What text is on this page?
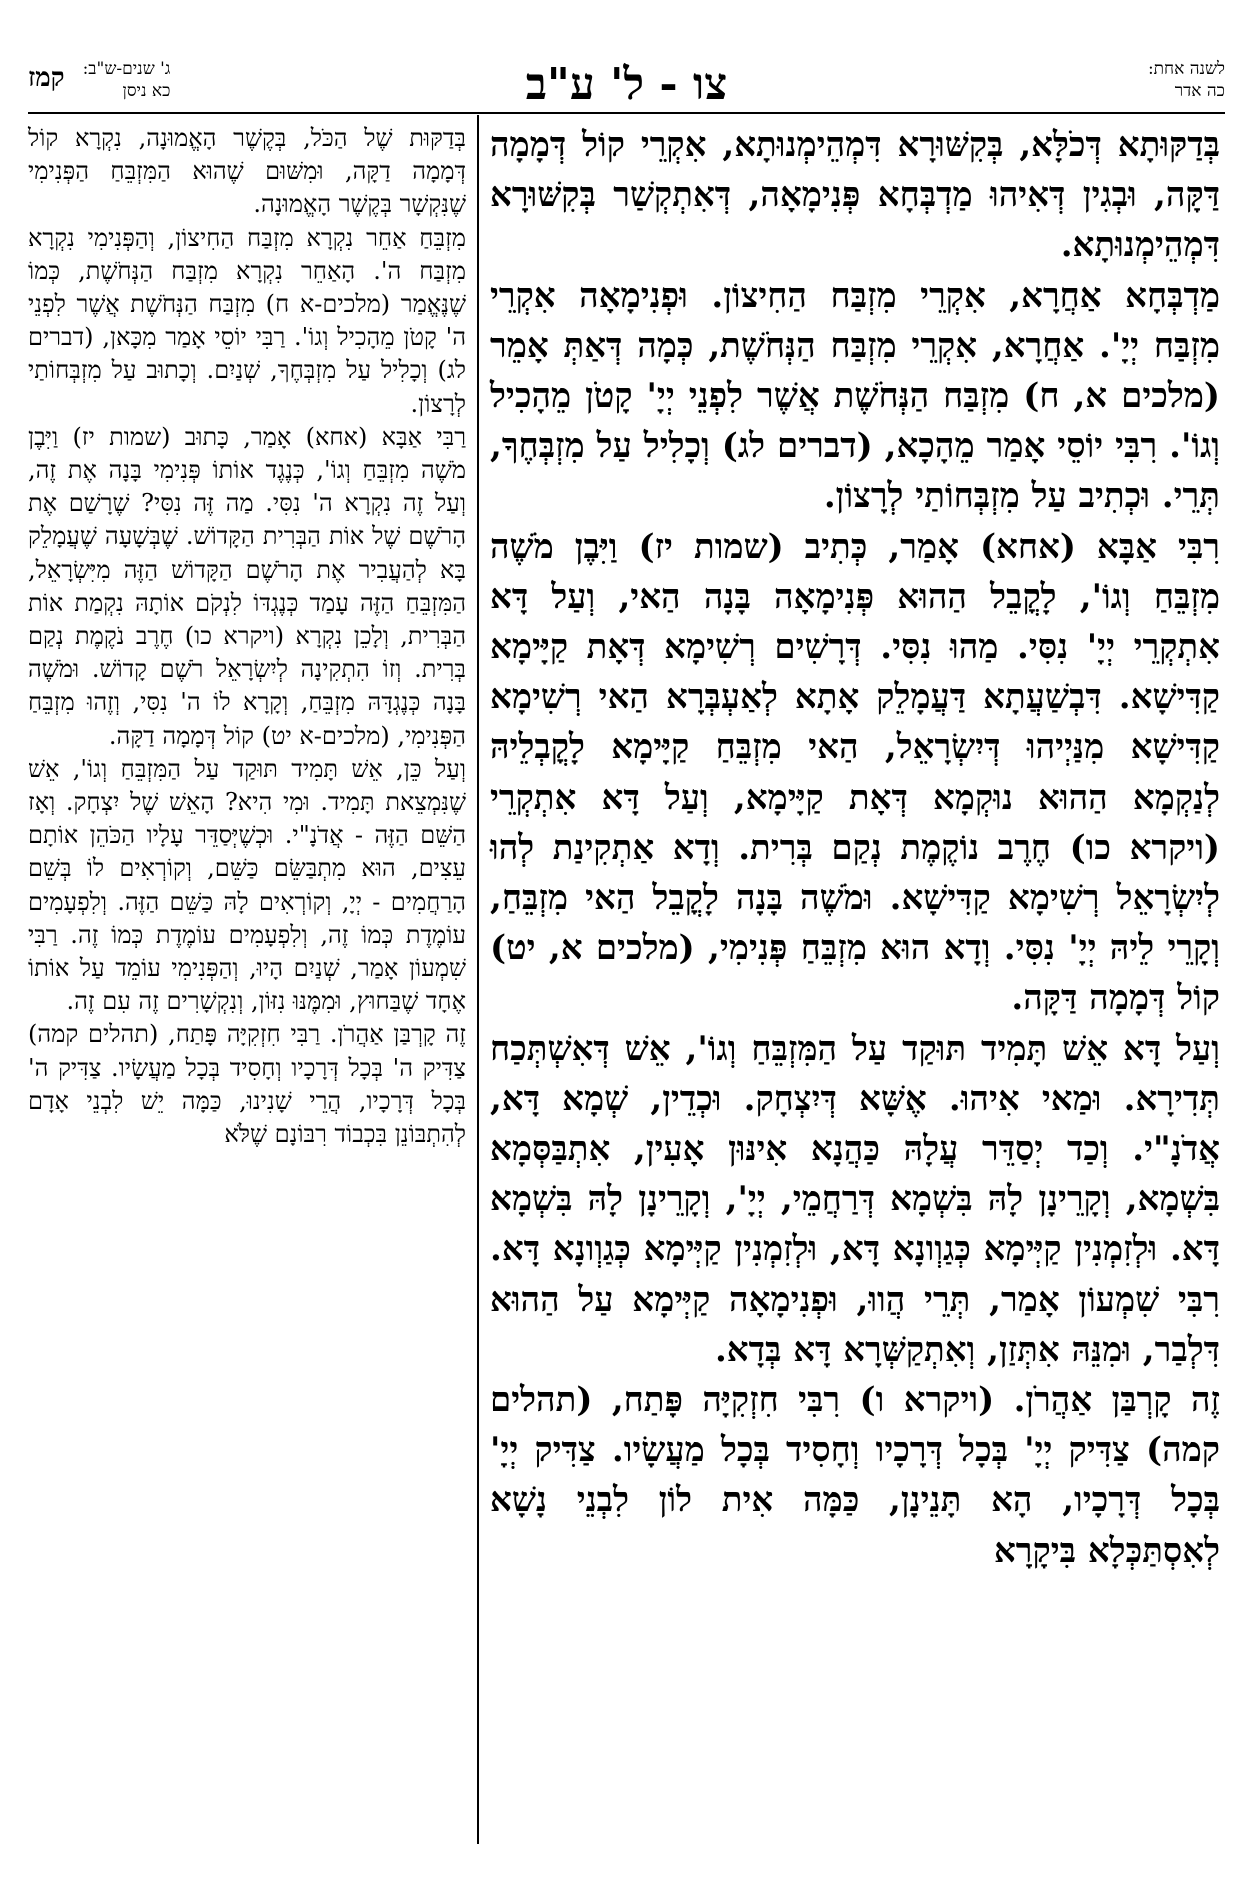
לשנה אחת:
כה אדר
צו - ל' ע"ב
ג' שנים-ש"ב:
כא ניסן
קמז

בְּדַקּוּתָא דְּכֹלָּא, בְּקִשּׁוּרָא דִּמְהֵימְנוּתָא, אִקְרֵי קוֹל דְּמָמָה דַּקָּה, וּבְגִין דְּאִיהוּ מַדְבְּחָא פְּנִימָאָה, דְּאִתְקְשַׁר בְּקִשּׁוּרָא דִּמְהֵימְנוּתָא.

מַדְבְּחָא אַחֲרָא, אִקְרֵי מִזְבַּח הַחִיצוֹן. וּפְנִימָאָה אִקְרֵי מִזְבַּח יְיָ'. אַחֲרָא, אִקְרֵי מִזְבַּח הַנְּחֹשֶׁת, כְּמָה דְּאַתְּ אָמֵר (מלכים א, ח) מִזְבַּח הַנְּחֹשֶׁת אֲשֶׁר לִפְנֵי יְיָ' קָטֹן מֵהָכִיל וְגוֹ'. רִבִּי יוֹסֵי אָמַר מֵהָכָא, (דברים לג) וְכָלִיל עַל מִזְבְּחֶךָ, תְּרֵי. וּכְתִיב עַל מִזְבְּחוֹתַי לְרָצוֹן.

רִבִּי אַבָּא (אחא) אָמַר, כְּתִיב (שמות יז) וַיִּבֶן מֹשֶׁה מִזְבֵּחַ וְגוֹ', לָקֳבֵל הַהוּא פְּנִימָאָה בָּנָה הַאי, וְעַל דָּא אִתְקְרֵי יְיָ' נִסִּי. מַהוּ נִסִּי. דְּרָשִׁים רְשִׁימָא דְּאָת קַיָּימָא קַדִּישָׁא. דִּבְשַׁעֲתָא דַּעֲמָלֵק אָתָא לְאַעְבְּרָא הַאי רְשִׁימָא קַדִּישָׁא מִנַּיְיהוּ דְּיִשְׂרָאֵל, הַאי מִזְבֵּחַ קַיָּימָא לָקֳבְלֵיהּ לְנַקְמָא הַהוּא נוּקְמָא דְּאָת קַיָּימָא, וְעַל דָּא אִתְקְרֵי (ויקרא כו) חֶרֶב נוֹקֶמֶת נְקַם בְּרִית. וְדָא אַתְקִינַת לְהוּ לְיִשְׂרָאֵל רְשִׁימָא קַדִּישָׁא. וּמֹשֶׁה בָּנָה לָקֳבֵל הַאי מִזְבֵּחַ, וְקָרֵי לֵיהּ יְיָ' נִסִּי. וְדָא הוּא מִזְבֵּחַ פְּנִימִי, (מלכים א, יט) קוֹל דְּמָמָה דַּקָּה.

וְעַל דָּא אֵשׁ תָּמִיד תּוּקַד עַל הַמִּזְבֵּחַ וְגוֹ', אֵשׁ דְּאִשְׁתְּכַח תְּדִירָא. וּמַאי אִיהוּ. אֶשָּׁא דְּיִצְחָק. וּכְדֵין, שְׁמָא דָּא, אֲדֹנָ"י. וְכַד יְסַדֵּר עֲלָהּ כַּהֲנָא אִינּוּן אָעִין, אִתְבַּסְּמָא בִּשְׁמָא, וְקָרֵינָן לָהּ בִּשְׁמָא דְּרַחֲמֵי, יְיָ', וְקָרֵינָן לָהּ בִּשְׁמָא דָּא. וּלְזִמְנִין קַיְּימָא כְּגַוְונָא דָּא, וּלְזִמְנִין קַיְּימָא כְּגַוְונָא דָּא. רִבִּי שִׁמְעוֹן אָמַר, תְּרֵי הֲווּ, וּפְנִימָאָה קַיְּימָא עַל הַהוּא דִּלְבַר, וּמִנֵּהּ אִתְּזַן, וְאִתְקַשְּׁרָא דָּא בְּדָא.

זֶה קָרְבַּן אַהֲרֹן. (ויקרא ו) רִבִּי חִזְקִיָּה פָּתַח, (תהלים קמה) צַדִּיק יְיָ' בְּכָל דְּרָכָיו וְחָסִיד בְּכָל מַעֲשָׂיו. צַדִּיק יְיָ' בְּכָל דְּרָכָיו, הָא תָּנֵינָן, כַּמָּה אִית לוֹן לִבְנֵי נָשָׁא לְאִסְתַּכְּלָא בִּיקָרָא

בְּדַקּוּת שֶׁל הַכֹּל, בְּקֶשֶׁר הָאֱמוּנָה, נִקְרָא קוֹל דְּמָמָה דַקָּה, וּמִשּׁוּם שֶׁהוּא הַמִּזְבֵּחַ הַפְּנִימִי שֶׁנִּקְשָׁר בְּקֶשֶׁר הָאֱמוּנָה.

מִזְבֵּחַ אַחֵר נִקְרָא מִזְבַּח הַחִיצוֹן, וְהַפְּנִימִי נִקְרָא מִזְבַּח ה'. הָאַחֵר נִקְרָא מִזְבַּח הַנְּחֹשֶׁת, כְּמוֹ שֶׁנֶּאֱמַר (מלכים-א ח) מִזְבַּח הַנְּחֹשֶׁת אֲשֶׁר לִפְנֵי ה' קָטֹן מֵהָכִיל וְגוֹ'. רַבִּי יוֹסֵי אָמַר מִכָּאן, (דברים לג) וְכָלִיל עַל מִזְבְּחֶךָ, שְׁנַיִם. וְכָתוּב עַל מִזְבְּחוֹתַי לְרָצוֹן.

רַבִּי אַבָּא (אחא) אָמַר, כָּתוּב (שמות יז) וַיִּבֶן מֹשֶׁה מִזְבֵּחַ וְגוֹ', כְּנֶגֶד אוֹתוֹ פְּנִימִי בָּנָה אֶת זֶה, וְעַל זֶה נִקְרָא ה' נִסִּי. מַה זֶּה נִסִּי? שֶׁרָשַׁם אֶת הָרֹשֶׁם שֶׁל אוֹת הַבְּרִית הַקָּדוֹשׁ. שֶׁבְּשָׁעָה שֶׁעֲמָלֵק בָּא לְהַעֲבִיר אֶת הָרֹשֶׁם הַקָּדוֹשׁ הַזֶּה מִיִּשְׂרָאֵל, הַמִּזְבֵּחַ הַזֶּה עָמַד כְּנֶגְדּוֹ לִנְקֹם אוֹתָהּ נִקְמַת אוֹת הַבְּרִית, וְלָכֵן נִקְרָא (ויקרא כו) חֶרֶב נֹקֶמֶת נְקַם בְּרִית. וְזוֹ הִתְקִינָה לְיִשְׂרָאֵל רֹשֶׁם קָדוֹשׁ. וּמֹשֶׁה בָּנָה כְּנֶגְדָּהּ מִזְבֵּחַ, וְקָרָא לוֹ ה' נִסִּי, וְזֶהוּ מִזְבֵּחַ הַפְּנִימִי, (מלכים-א יט) קוֹל דְּמָמָה דַקָּה.

וְעַל כֵּן, אֵשׁ תָּמִיד תּוּקַד עַל הַמִּזְבֵּחַ וְגוֹ', אֵשׁ שֶׁנִּמְצֵאת תָּמִיד. וּמִי הִיא? הָאֵשׁ שֶׁל יִצְחָק. וְאָז הַשֵּׁם הַזֶּה - אֲדֹנָ"י. וּכְשֶׁיְּסַדֵּר עָלָיו הַכֹּהֵן אוֹתָם עֵצִים, הוּא מִתְבַּשֵּׂם כַּשֵּׁם, וְקוֹרְאִים לוֹ בְּשֵׁם הָרַחֲמִים - יְיָ, וְקוֹרְאִים לָהּ כַּשֵּׁם הַזֶּה. וְלִפְעָמִים עוֹמֶדֶת כְּמוֹ זֶה, וְלִפְעָמִים עוֹמֶדֶת כְּמוֹ זֶה. רַבִּי שִׁמְעוֹן אָמַר, שְׁנַיִם הָיוּ, וְהַפְּנִימִי עוֹמֵד עַל אוֹתוֹ אֶחָד שֶׁבַּחוּץ, וּמִמֶּנּוּ נִזּוֹן, וְנִקְשָׁרִים זֶה עִם זֶה.

זֶה קָרְבַּן אַהֲרֹן. רַבִּי חִזְקִיָּה פָּתַח, (תהלים קמה) צַדִּיק ה' בְּכָל דְּרָכָיו וְחָסִיד בְּכָל מַעֲשָׂיו. צַדִּיק ה' בְּכָל דְּרָכָיו, הֲרֵי שָׁנִינוּ, כַּמָּה יֵשׁ לִבְנֵי אָדָם לְהִתְבּוֹנֵן בִּכְבוֹד רִבּוֹנָם שֶׁלֹּא
